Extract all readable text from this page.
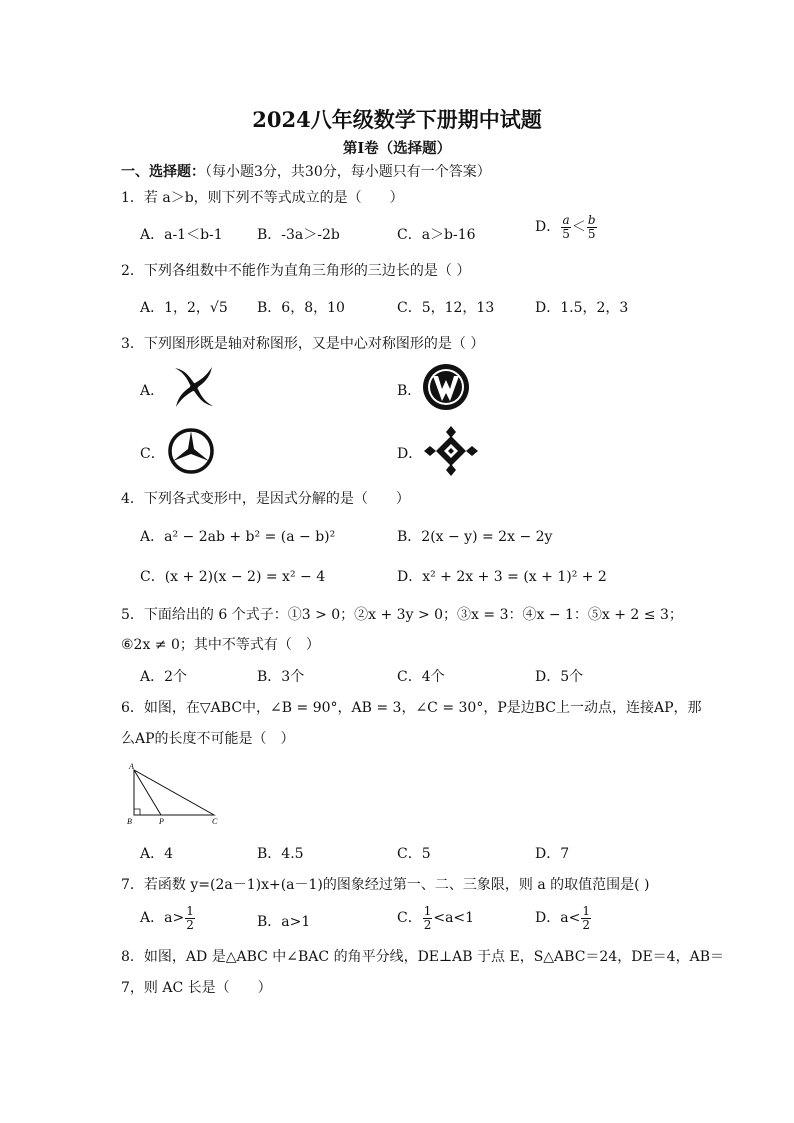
2024八年级数学下册期中试题
第Ⅰ卷（选择题）
一、选择题：（每小题3分，共30分，每小题只有一个答案）
1．若 a＞b，则下列不等式成立的是（　　）
A．a-1＜b-1 B．-3a＞-2b	C．a＞b-16	D． $\frac{a}{5} < \frac{b}{5}$
2．下列各组数中不能作为直角三角形的三边长的是（ ）
A．1，2，√5 B．6，8，10	C．5，12，13	D．1.5，2，3
3．下列图形既是轴对称图形，又是中心对称图形的是（ ）
A．	B．
C．	D．
4．下列各式变形中，是因式分解的是（　　）
A．a² − 2ab + b² = (a − b)²	B．2(x − y) = 2x − 2y
C．(x + 2)(x − 2) = x² − 4	D．x² + 2x + 3 = (x + 1)² + 2
5．下面给出的 6 个式子：①3 > 0；②x + 3y > 0；③x = 3：④x − 1：⑤x + 2 ≤ 3；
⑥2x ≠ 0；其中不等式有（　）
A．2个	B．3个	C．4个	D．5个
6．如图，在▽ABC中，∠B = 90°，AB = 3，∠C = 30°，P是边BC上一动点，连接AP，那
么AP的长度不可能是（　）
A
B	P	C
A．4	B．4.5	C．5	D．7
7．若函数 y=(2a－1)x+(a－1)的图象经过第一、二、三象限，则 a 的取值范围是( )
A．$a> \frac{1}{2}$	B．a>1	C． $\frac{1}{2} <a<1$	D．$a< \frac{1}{2}$
8．如图，AD 是△ABC 中∠BAC 的角平分线，DE⊥AB 于点 E，S△ABC＝24，DE＝4，AB＝
7，则 AC 长是（　　）
